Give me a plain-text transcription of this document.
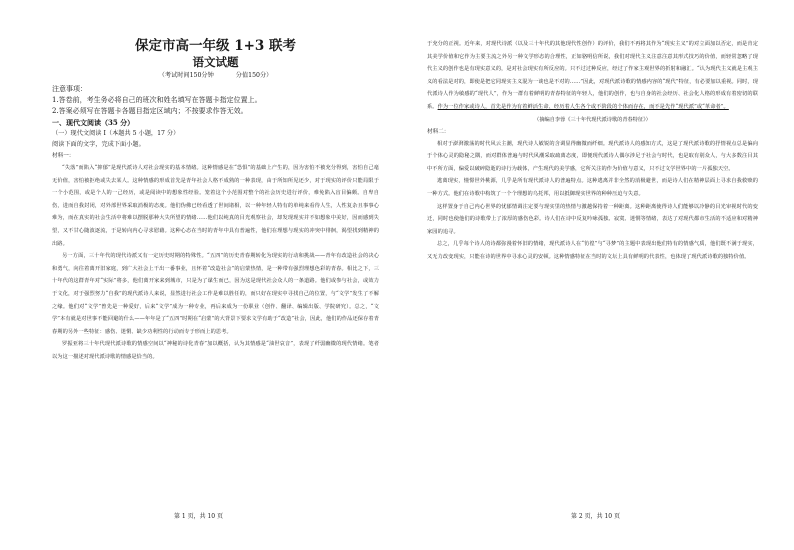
保定市高一年级 1+3 联考

语文试题

（考试时间150分钟	分值150分）
注意事项：
1.答卷前，考生务必将自己的班次和姓名填写在答题卡指定位置上。
2.答案必须写在答题卡各题目指定区域内；不按要求作答无效。
一、现代文阅读（35 分）
（一）现代文阅读 I（本题共 5 小题，17 分）
阅读下面的文字，完成下面小题。

材料一：

“失落”而陷入“抑郁”是现代派诗人对社会现实的基本情绪。这种情感是在“恐惧”的基础上产生的，因为害怕不被充分得到，害怕自己毫无价值，害怕被拒绝或失去某人。这种情感的形成首先是青年社会人格不成熟的一种表现，由于所知所见还少，对于现实的评价只能局限于一个小范围，或是个人的一己经历，或是阅读中的想象性经验。笼着这个小范围对整个的社会历史进行评价，难免陷入盲目偏颇。自卑自伤，进而自我封闭，对外部世界采取消极的态度。他们伪佛已经看透了世间诸相，以一种年轻人特有的单纯来看待人生，人性复杂且事事心难为，而在真实的社会生活中将难以摆脱那种大失所望的情绪……他们以纯真的目光观察社会，却发现现实并不如想象中美好，因而感到失望，又不甘心随波逐流，于是转向内心寻求慰藉。这种心态在当时的青年中具有普遍性，他们在理想与现实的冲突中徘徊，渴望找到精神的出路。

另一方面，三十年代的现代诗派又有一定历史时期的特殊性。“五四”的历史青春期转化为现实的行动和挑战——青年有改造社会的决心和勇气，向往着离开旧家庭，到广大社会上干出一番事业，且怀着“改造社会”的启蒙热情，是一种带有强烈理想色彩的青春。相比之下，三十年代的这群青年对“实际”将多，他们离开家来到城市，只是为了谋生而已，因为这是现代社会众人的一条道路。他们或参与社会，或效力于文化，对于强烈努力“自我”的现代派诗人来说，显然进行社会工作是难以胜任的，而只好在现实中寻找自己的位置，与“文学”发生了不解之缘。他们对“文学”曾先是一种爱好，后来“文学”成为一种专业，再后来成为一份职业（创作、翻译、编辑出版、学院研究）。总之，“文学”本有就是对世事不能回避的什么——年年是了“五四”时期在“启蒙”的大背景下要求文学有助于“改造”社会，因此，他们的作品还保存着青春期的另外一些特征：感伤、迷惘、缺少功利性的行动而专于形而上的思考。

罗振亚将三十年代现代派诗歌的情感空间以“神秘的诗化青春”加以概括，认为其情感是“油世哀音”，表现了纤弱幽微的现代情绪。笔者以为这一描述对现代派诗歌的情感是恰当的。

第 1 页，共 10 页

于充分的正视。近年来，对现代诗派（以及三十年代的其他现代性创作）的评价，我们不再将其作为“现实主义”的对立面加以否定，而是肯定其美学价值和它作为主要主流之外另一种文学形态的合理性，正如骆明信所说，我们对现代主义注意注意其形式技巧的价值，而轻常忽略了现代主义的创作也是有现实意义的，是对社会现实有所反应的。只不过过种反应，经过了作家主观世界的折射和融汇。“认为现代主义就是主观主义的看法是对的，即使是把它同现实主义混为一谈也是不对的……”因此，对现代派诗歌的情感内容的“现代”特征，有必要加以重视。同时，现代派诗人作为敏感的“现代人”，作为一群有着鲜明的青春特征的年轻人，他们的创作，也与自身的社会经历、社会化人格的形成有着密切的联系。作为一位作家或诗人，首先是作为有着鲜活生命、经历着人生各个或不阶段的个体而存在，而不是先作“现代派”或“革命者”。

（摘编自李蓉《三十年代现代派诗歌的青春特征》）

材料二：

相对于澎湃激荡的时代风云主潮，现代诗人敏锐的含调显得幽微而纤细。现代派诗人的感知方式，这是了现代派诗歌的抒情视点总是偏向于个体心灵的隐秘之隅，而对群体普遍与时代风潮采取疏离态度，即便现代派诗人偶尔涉足于社会与时代，也是取有别众人，与大多数注目其中不所方面，偏爱以破碎隐逝的诗行为载体，产生现代的美学感，它所关注的作为价值与意义，只不过文学世界中的一片孤独天空。

逃离现实，憧憬世外桃源，几乎是所有现代派诗人的普遍特点。这种逃离并非全然的消极避世，而是诗人们在精神层面上寻求自我救赎的一种方式。他们在诗歌中构筑了一个个理想的乌托邦，用以抵御现实世界的种种压迫与失意。

这样置身于自己内心世界的忧郁情调注定要与现实里的热情与激越保持着一种距离。这种距离使得诗人们能够以冷静的目光审视时代的变迁，同时也使他们的诗歌带上了浓厚的感伤色彩。诗人们在诗中反复吟咏孤独、寂寞、迷惘等情绪，表达了对现代都市生活的不适应和对精神家园的追寻。

总之，几乎每个诗人的诗都弥漫着怀旧的情绪，现代派诗人在“彷徨”与“寻梦”的主题中表现出他们特有的情感气质，他们既不满于现实，又无力改变现实，只能在诗的世界中寻求心灵的安顿。这种情感特征在当时的文坛上具有鲜明的代表性，也体现了现代派诗歌的独特价值。

第 2 页，共 10 页
